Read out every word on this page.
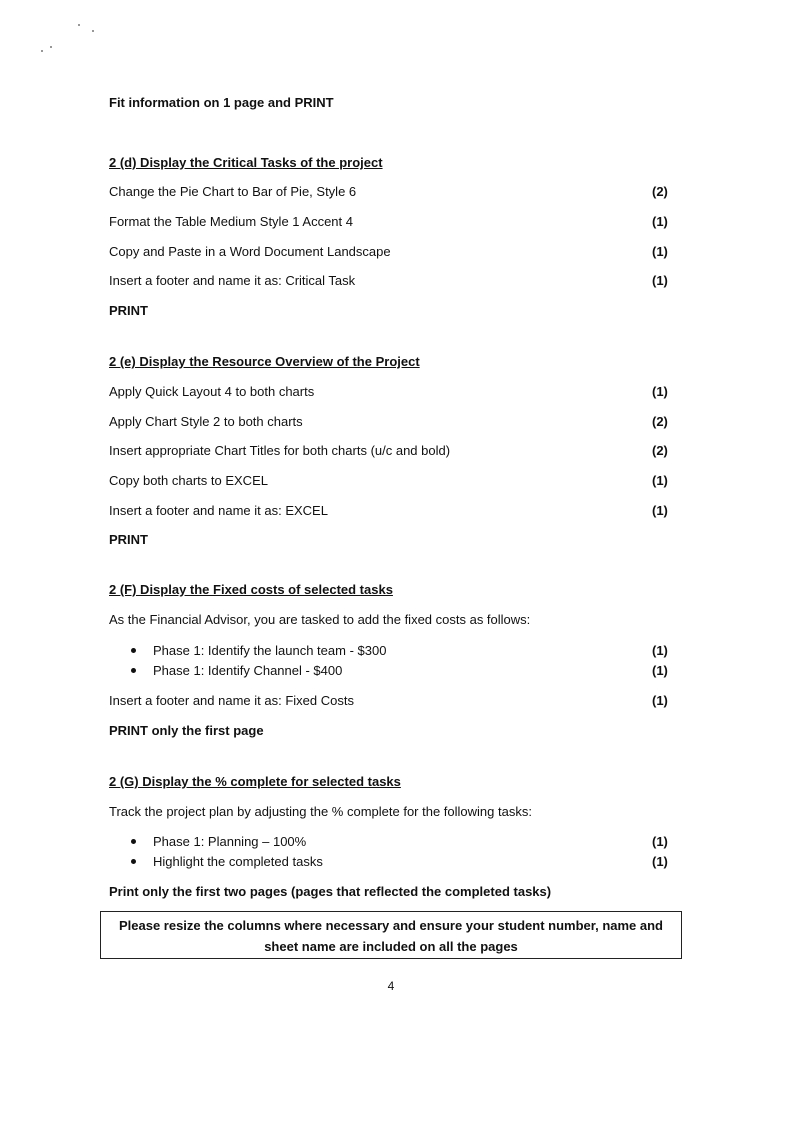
Fit information on 1 page and PRINT
2 (d) Display the Critical Tasks of the project
Change the Pie Chart to Bar of Pie, Style 6	(2)
Format the Table Medium Style 1 Accent 4	(1)
Copy and Paste in a Word Document Landscape	(1)
Insert a footer and name it as: Critical Task	(1)
PRINT
2 (e) Display the Resource Overview of the Project
Apply Quick Layout 4 to both charts	(1)
Apply Chart Style 2 to both charts	(2)
Insert appropriate Chart Titles for both charts (u/c and bold)	(2)
Copy both charts to EXCEL	(1)
Insert a footer and name it as: EXCEL	(1)
PRINT
2 (F) Display the Fixed costs of selected tasks
As the Financial Advisor, you are tasked to add the fixed costs as follows:
Phase 1: Identify the launch team - $300	(1)
Phase 1: Identify Channel - $400	(1)
Insert a footer and name it as: Fixed Costs	(1)
PRINT only the first page
2 (G) Display the % complete for selected tasks
Track the project plan by adjusting the % complete for the following tasks:
Phase 1: Planning – 100%	(1)
Highlight the completed tasks	(1)
Print only the first two pages (pages that reflected the completed tasks)
Please resize the columns where necessary and ensure your student number, name and
sheet name are included on all the pages
4
